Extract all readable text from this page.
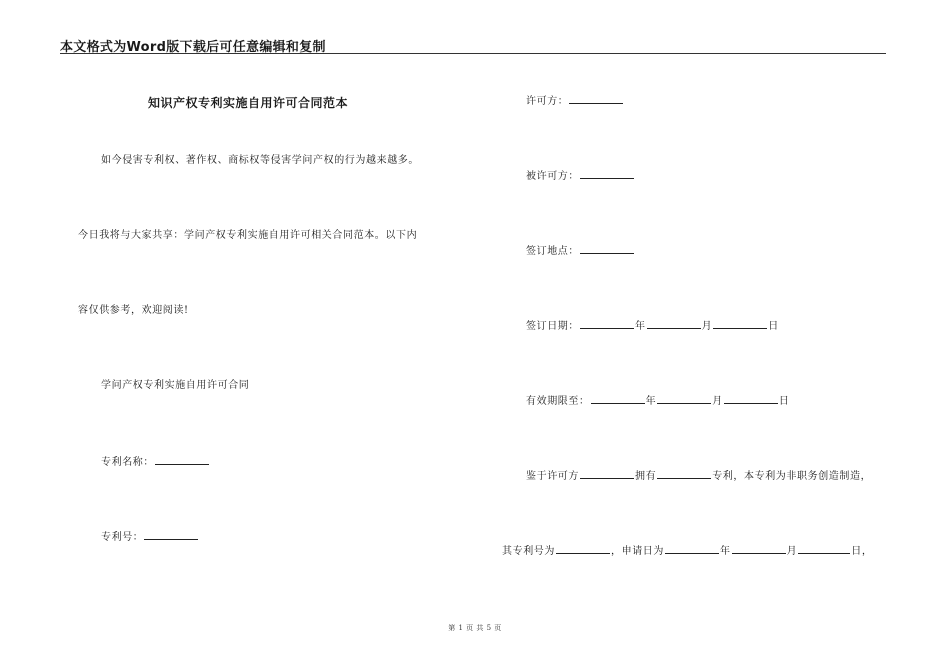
本文格式为Word版下载后可任意编辑和复制
知识产权专利实施自用许可合同范本
如今侵害专利权、著作权、商标权等侵害学问产权的行为越来越多。
今日我将与大家共享：学问产权专利实施自用许可相关合同范本。以下内
容仅供参考，欢迎阅读!
学问产权专利实施自用许可合同
专利名称：
专利号：
许可方：
被许可方：
签订地点：
签订日期：	年	月	日
有效期限至：	年	月	日
鉴于许可方	拥有	专利，本专利为非职务创造制造，
其专利号为	，申请日为	年	月	日，
第 1 页 共 5 页
